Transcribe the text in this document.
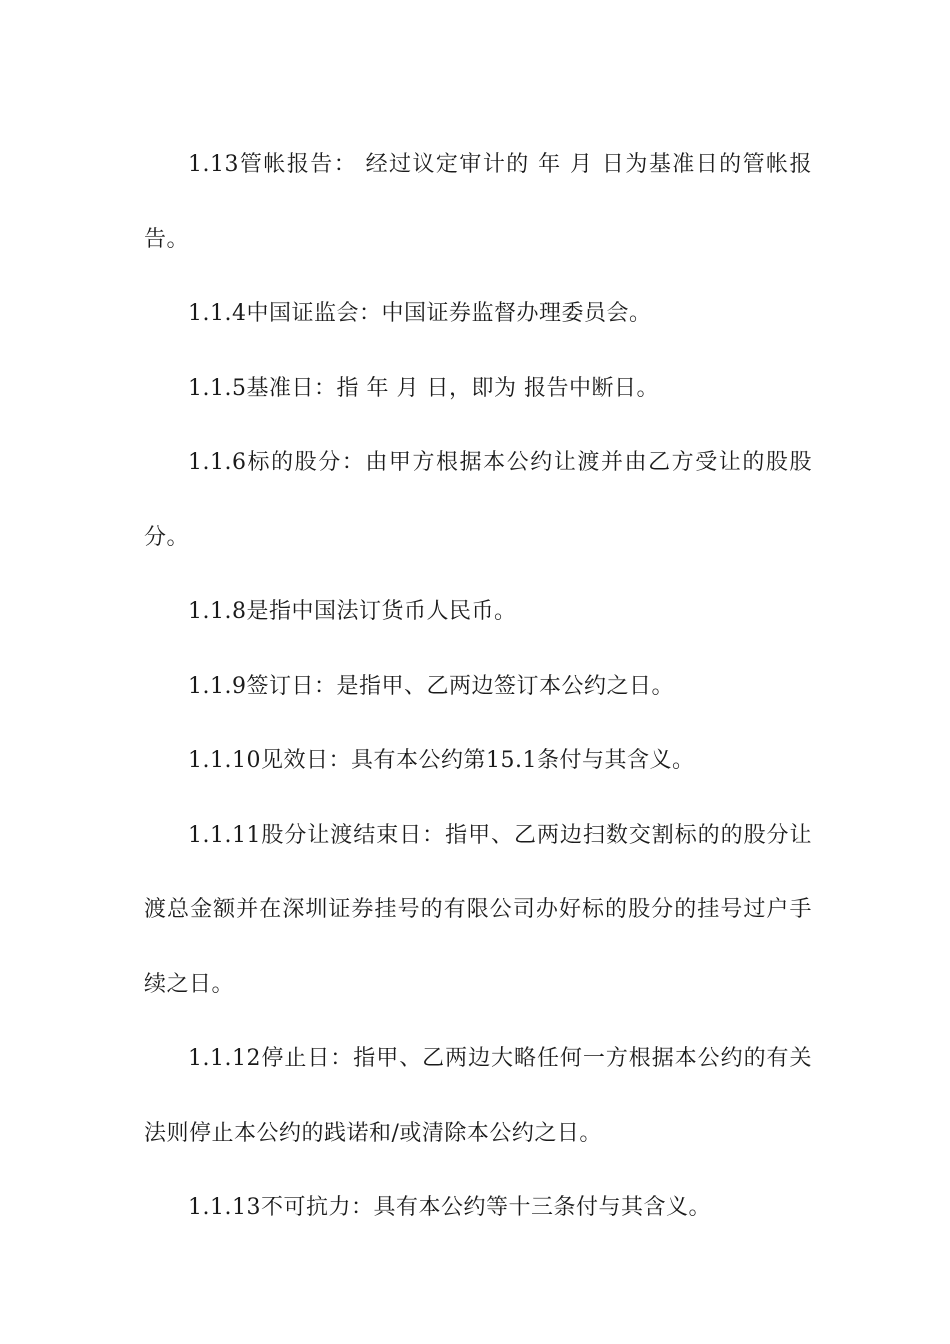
1.13管帐报告： 经过议定审计的 年 月 日为基准日的管帐报告。

1.1.4中国证监会：中国证券监督办理委员会。

1.1.5基准日：指 年 月 日，即为 报告中断日。

1.1.6标的股分：由甲方根据本公约让渡并由乙方受让的股股分。

1.1.8是指中国法订货币人民币。

1.1.9签订日：是指甲、乙两边签订本公约之日。

1.1.10见效日：具有本公约第15.1条付与其含义。

1.1.11股分让渡结束日：指甲、乙两边扫数交割标的的股分让渡总金额并在深圳证券挂号的有限公司办好标的股分的挂号过户手续之日。

1.1.12停止日：指甲、乙两边大略任何一方根据本公约的有关法则停止本公约的践诺和/或清除本公约之日。

1.1.13不可抗力：具有本公约等十三条付与其含义。
